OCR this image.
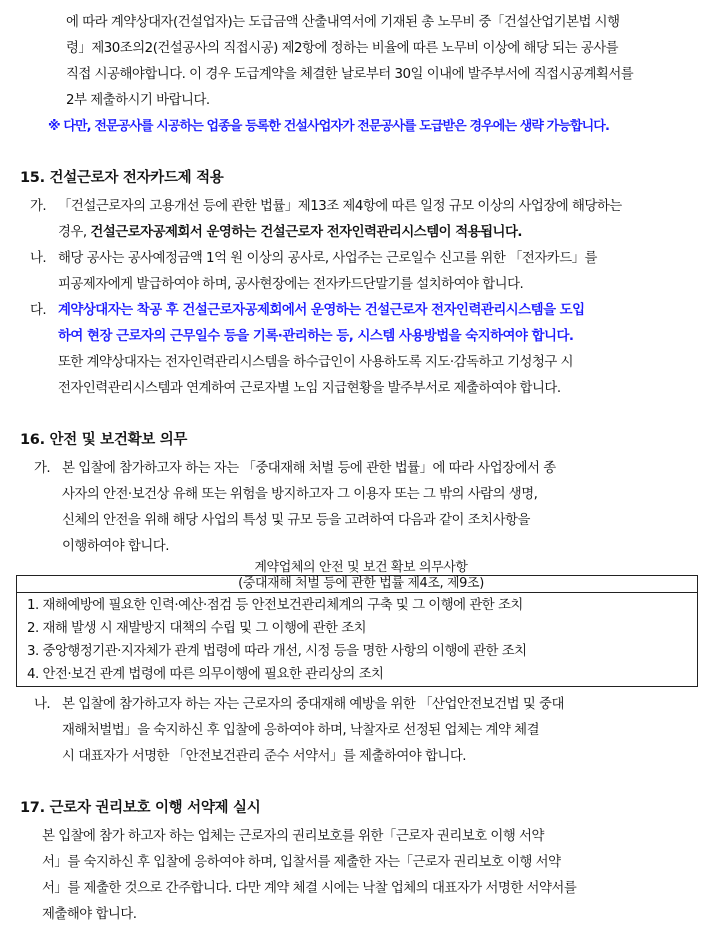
에 따라 계약상대자(건설업자)는 도급금액 산출내역서에 기재된 총 노무비 중「건설산업기본법 시행
령」제30조의2(건설공사의 직접시공) 제2항에 정하는 비율에 따른 노무비 이상에 해당 되는 공사를
직접 시공해야합니다. 이 경우 도급계약을 체결한 날로부터 30일 이내에 발주부서에 직접시공계획서를
2부 제출하시기 바랍니다.
※ 다만, 전문공사를 시공하는 업종을 등록한 건설사업자가 전문공사를 도급받은 경우에는 생략 가능합니다.
15. 건설근로자 전자카드제 적용
가. 「건설근로자의 고용개선 등에 관한 법률」제13조 제4항에 따른 일정 규모 이상의 사업장에 해당하는
경우, 건설근로자공제회서 운영하는 건설근로자 전자인력관리시스템이 적용됩니다.
나. 해당 공사는 공사예정금액 1억 원 이상의 공사로, 사업주는 근로일수 신고를 위한 「전자카드」를
피공제자에게 발급하여야 하며, 공사현장에는 전자카드단말기를 설치하여야 합니다.
다. 계약상대자는 착공 후 건설근로자공제회에서 운영하는 건설근로자 전자인력관리시스템을 도입
하여 현장 근로자의 근무일수 등을 기록·관리하는 등, 시스템 사용방법을 숙지하여야 합니다.
또한 계약상대자는 전자인력관리시스템을 하수급인이 사용하도록 지도·감독하고 기성청구 시
전자인력관리시스템과 연계하여 근로자별 노임 지급현황을 발주부서로 제출하여야 합니다.
16. 안전 및 보건확보 의무
가. 본 입찰에 참가하고자 하는 자는 「중대재해 처벌 등에 관한 법률」에 따라 사업장에서 종
사자의 안전·보건상 유해 또는 위험을 방지하고자 그 이용자 또는 그 밖의 사람의 생명,
신체의 안전을 위해 해당 사업의 특성 및 규모 등을 고려하여 다음과 같이 조치사항을
이행하여야 합니다.
계약업체의 안전 및 보건 확보 의무사항
1. 재해예방에 필요한 인력·예산·점검 등 안전보건관리체계의 구축 및 그 이행에 관한 조치
2. 재해 발생 시 재발방지 대책의 수립 및 그 이행에 관한 조치
3. 중앙행정기관·지자체가 관계 법령에 따라 개선, 시정 등을 명한 사항의 이행에 관한 조치
4. 안전·보건 관계 법령에 따른 의무이행에 필요한 관리상의 조치
(중대재해 처벌 등에 관한 법률 제4조, 제9조)
나. 본 입찰에 참가하고자 하는 자는 근로자의 중대재해 예방을 위한 「산업안전보건법 및 중대
재해처벌법」을 숙지하신 후 입찰에 응하여야 하며, 낙찰자로 선정된 업체는 계약 체결
시 대표자가 서명한 「안전보건관리 준수 서약서」를 제출하여야 합니다.
17. 근로자 권리보호 이행 서약제 실시
본 입찰에 참가 하고자 하는 업체는 근로자의 권리보호를 위한「근로자 권리보호 이행 서약
서」를 숙지하신 후 입찰에 응하여야 하며, 입찰서를 제출한 자는「근로자 권리보호 이행 서약
서」를 제출한 것으로 간주합니다. 다만 계약 체결 시에는 낙찰 업체의 대표자가 서명한 서약서를
제출해야 합니다.
